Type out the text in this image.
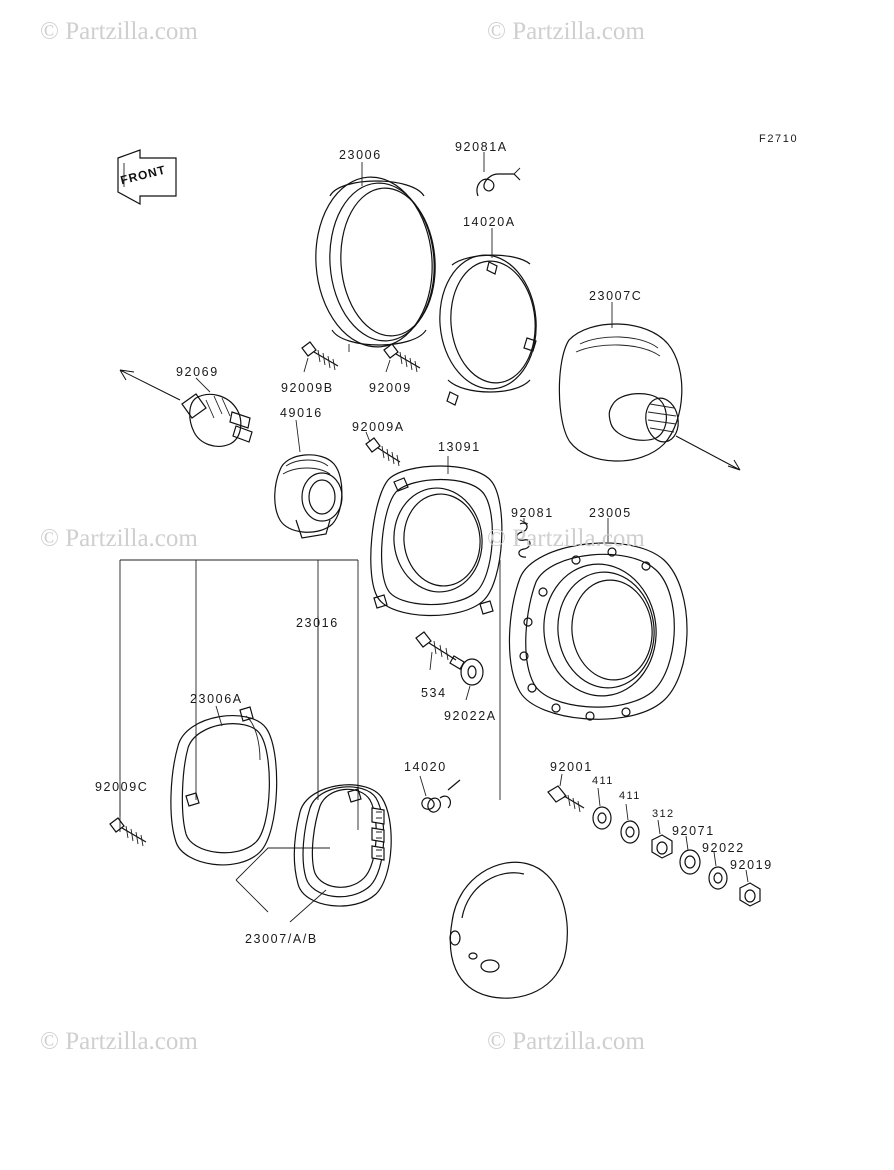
© Partzilla.com	© Partzilla.com
© Partzilla.com	© Partzilla.com
© Partzilla.com	© Partzilla.com
F2710
FRONT
23006
92081A
14020A
23007C
92069
92009B	92009
49016
92009A
13091
92081	23005
23016
23006A	534
92022A
92009C
14020	92001
411
411
312
92071
92022
92019
23007/A/B
